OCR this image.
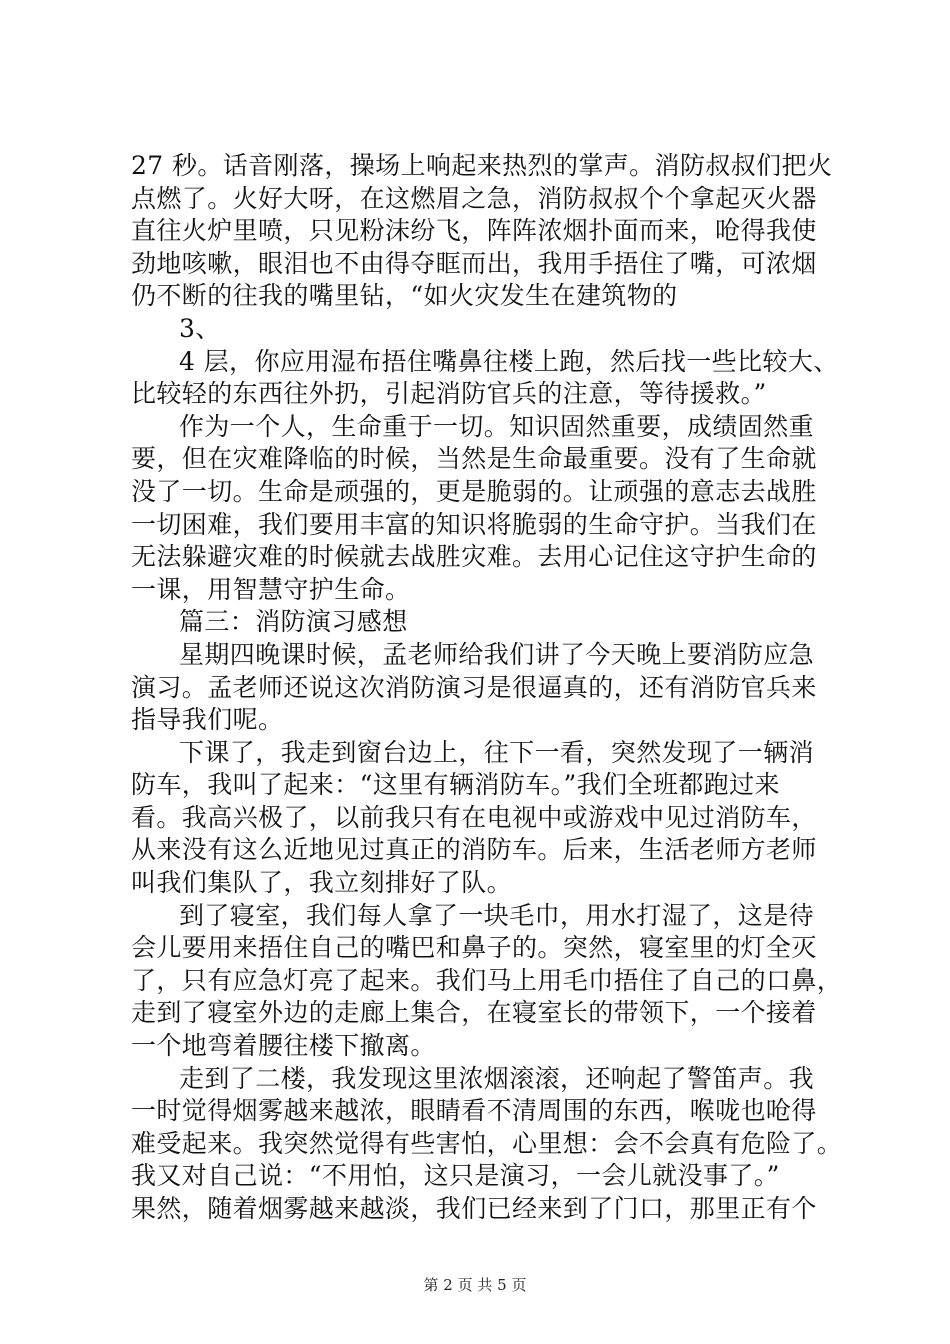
27 秒。话音刚落，操场上响起来热烈的掌声。消防叔叔们把火
点燃了。火好大呀，在这燃眉之急，消防叔叔个个拿起灭火器
直往火炉里喷，只见粉沫纷飞，阵阵浓烟扑面而来，呛得我使
劲地咳嗽，眼泪也不由得夺眶而出，我用手捂住了嘴，可浓烟
仍不断的往我的嘴里钻，“如火灾发生在建筑物的
3、
4 层，你应用湿布捂住嘴鼻往楼上跑，然后找一些比较大、
比较轻的东西往外扔，引起消防官兵的注意，等待援救。”
作为一个人，生命重于一切。知识固然重要，成绩固然重
要，但在灾难降临的时候，当然是生命最重要。没有了生命就
没了一切。生命是顽强的，更是脆弱的。让顽强的意志去战胜
一切困难，我们要用丰富的知识将脆弱的生命守护。当我们在
无法躲避灾难的时候就去战胜灾难。去用心记住这守护生命的
一课，用智慧守护生命。
篇三：消防演习感想
星期四晚课时候，孟老师给我们讲了今天晚上要消防应急
演习。孟老师还说这次消防演习是很逼真的，还有消防官兵来
指导我们呢。
下课了，我走到窗台边上，往下一看，突然发现了一辆消
防车，我叫了起来：“这里有辆消防车。”我们全班都跑过来
看。我高兴极了，以前我只有在电视中或游戏中见过消防车，
从来没有这么近地见过真正的消防车。后来，生活老师方老师
叫我们集队了，我立刻排好了队。
到了寝室，我们每人拿了一块毛巾，用水打湿了，这是待
会儿要用来捂住自己的嘴巴和鼻子的。突然，寝室里的灯全灭
了，只有应急灯亮了起来。我们马上用毛巾捂住了自己的口鼻，
走到了寝室外边的走廊上集合，在寝室长的带领下，一个接着
一个地弯着腰往楼下撤离。
走到了二楼，我发现这里浓烟滚滚，还响起了警笛声。我
一时觉得烟雾越来越浓，眼睛看不清周围的东西，喉咙也呛得
难受起来。我突然觉得有些害怕，心里想：会不会真有危险了。
我又对自己说：“不用怕，这只是演习，一会儿就没事了。”
果然，随着烟雾越来越淡，我们已经来到了门口，那里正有个
第 2 页 共 5 页
